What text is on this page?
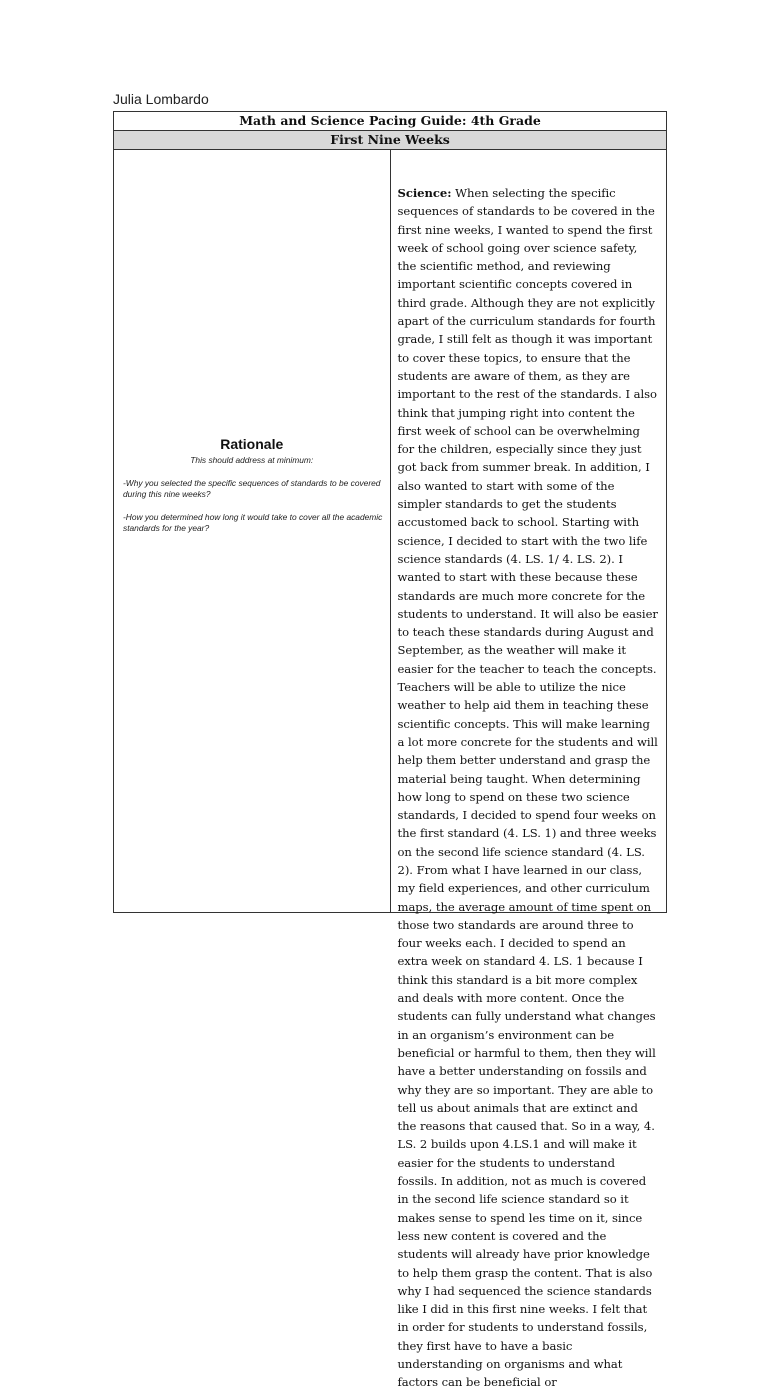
Julia Lombardo
Math and Science Pacing Guide: 4th Grade
First Nine Weeks

Rationale
This should address at minimum:
-Why you selected the specific sequences of standards to be covered during this nine weeks?
-How you determined how long it would take to cover all the academic standards for the year?

Science: When selecting the specific sequences of standards to be covered in the first nine weeks, I wanted to spend the first week of school going over science safety, the scientific method, and reviewing important scientific concepts covered in third grade. Although they are not explicitly apart of the curriculum standards for fourth grade, I still felt as though it was important to cover these topics, to ensure that the students are aware of them, as they are important to the rest of the standards. I also think that jumping right into content the first week of school can be overwhelming for the children, especially since they just got back from summer break. In addition, I also wanted to start with some of the simpler standards to get the students accustomed back to school. Starting with science, I decided to start with the two life science standards (4. LS. 1/ 4. LS. 2). I wanted to start with these because these standards are much more concrete for the students to understand. It will also be easier to teach these standards during August and September, as the weather will make it easier for the teacher to teach the concepts. Teachers will be able to utilize the nice weather to help aid them in teaching these scientific concepts. This will make learning a lot more concrete for the students and will help them better understand and grasp the material being taught. When determining how long to spend on these two science standards, I decided to spend four weeks on the first standard (4. LS. 1) and three weeks on the second life science standard (4. LS. 2). From what I have learned in our class, my field experiences, and other curriculum maps, the average amount of time spent on those two standards are around three to four weeks each. I decided to spend an extra week on standard 4. LS. 1 because I think this standard is a bit more complex and deals with more content. Once the students can fully understand what changes in an organism’s environment can be beneficial or harmful to them, then they will have a better understanding on fossils and why they are so important. They are able to tell us about animals that are extinct and the reasons that caused that. So in a way, 4. LS. 2 builds upon 4.LS.1 and will make it easier for the students to understand fossils. In addition, not as much is covered in the second life science standard so it makes sense to spend les time on it, since less new content is covered and the students will already have prior knowledge to help them grasp the content. That is also why I had sequenced the science standards like I did in this first nine weeks. I felt that in order for students to understand fossils, they first have to have a basic understanding on organisms and what factors can be beneficial or
